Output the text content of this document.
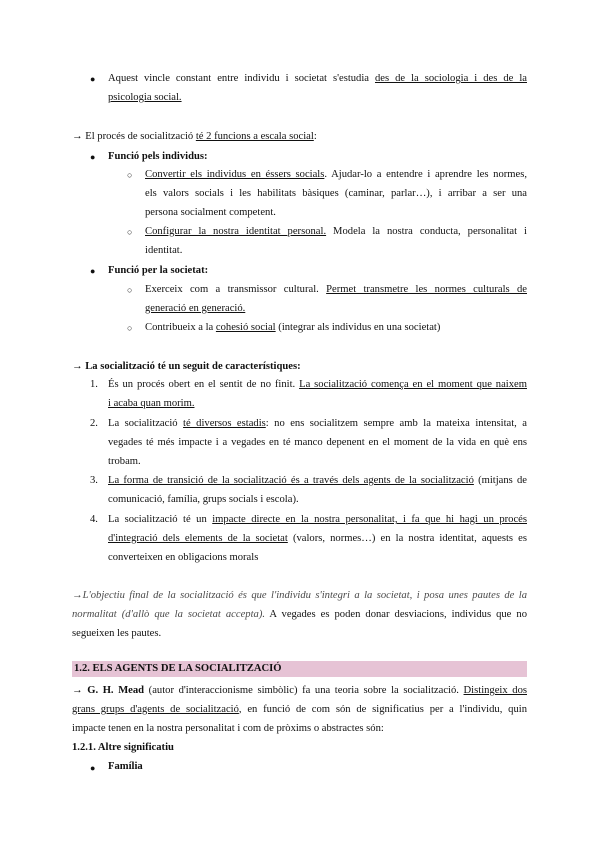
● Aquest vincle constant entre individu i societat s'estudia des de la sociologia i des de la
psicologia social.
→ El procés de socialització té 2 funcions a escala social:
● Funció pels individus:
○ Convertir els individus en éssers socials. Ajudar-lo a entendre i aprendre les normes,
els valors socials i les habilitats bàsiques (caminar, parlar…), i arribar a ser una
persona socialment competent.
○ Configurar la nostra identitat personal. Modela la nostra conducta, personalitat i
identitat.
● Funció per la societat:
○ Exerceix com a transmissor cultural. Permet transmetre les normes culturals de
generació en generació.
○ Contribueix a la cohesió social (integrar als individus en una societat)
→ La socialització té un seguit de característiques:
1. És un procés obert en el sentit de no finit. La socialització comença en el moment que naixem
i acaba quan morim.
2. La socialització té diversos estadis: no ens socialitzem sempre amb la mateixa intensitat, a
vegades té més impacte i a vegades en té manco depenent en el moment de la vida en què ens
trobam.
3. La forma de transició de la socialització és a través dels agents de la socialització (mitjans de
comunicació, família, grups socials i escola).
4. La socialització té un impacte directe en la nostra personalitat, i fa que hi hagi un procés
d'integració dels elements de la societat (valors, normes…) en la nostra identitat, aquests es
converteixen en obligacions morals
→L'objectiu final de la socialització és que l'individu s'integri a la societat, i posa unes pautes de la
normalitat (d'allò que la societat accepta). A vegades es poden donar desviacions, individus que no
segueixen les pautes.
1.2. ELS AGENTS DE LA SOCIALITZACIÓ
→ G. H. Mead (autor d'interaccionisme simbòlic) fa una teoria sobre la socialització. Distingeix dos
grans grups d'agents de socialització, en funció de com són de significatius per a l'individu, quin
impacte tenen en la nostra personalitat i com de pròxims o abstractes són:
1.2.1. Altre significatiu
● Família
